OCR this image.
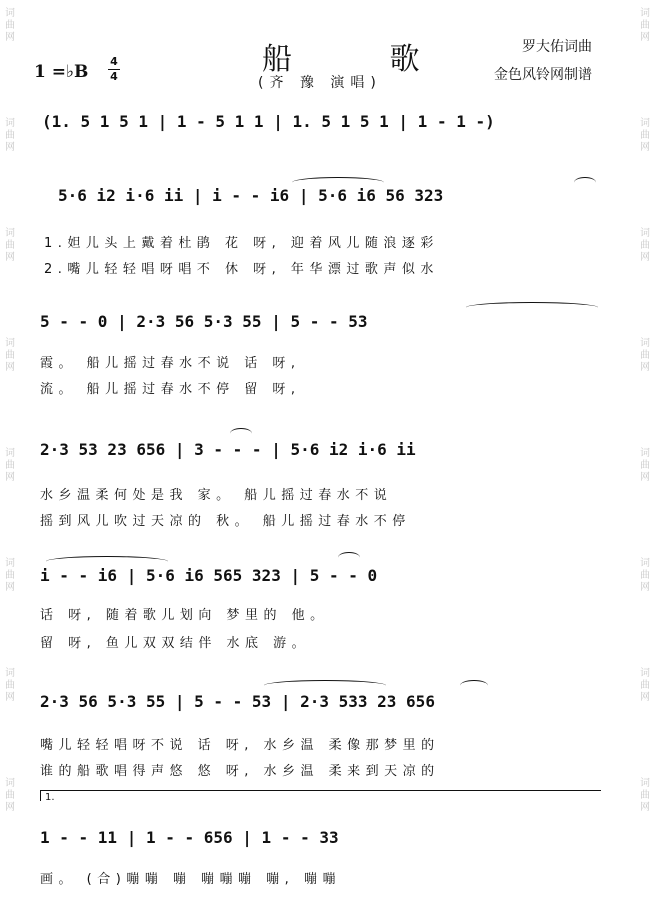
词曲网
词曲网
词曲网
词曲网
词曲网
词曲网
词曲网
词曲网
词曲网
词曲网
词曲网
词曲网
词曲网
词曲网
词曲网
词曲网
船 歌
(齐 豫 演唱)
罗大佑词曲
金色风铃网制谱
1 =♭B
4
4
(1. 5 1 5 1 | 1 - 5 1 1 | 1. 5 1 5 1 | 1 - 1 -)
5·6 i2 i·6 ii | i - - i6 | 5·6 i6 56 323
1.妲儿头上戴着杜鹃 花 呀, 迎着风儿随浪逐彩
2.嘴儿轻轻唱呀唱不 休 呀, 年华漂过歌声似水
5 - - 0 | 2·3 56 5·3 55 | 5 - - 53
霞。 船儿摇过春水不说 话 呀,
流。 船儿摇过春水不停 留 呀,
2·3 53 23 656 | 3 - - - | 5·6 i2 i·6 ii
水乡温柔何处是我 家。 船儿摇过春水不说
摇到风儿吹过天凉的 秋。 船儿摇过春水不停
i - - i6 | 5·6 i6 565 323 | 5 - - 0
话 呀, 随着歌儿划向 梦里的 他。
留 呀, 鱼儿双双结伴 水底 游。
2·3 56 5·3 55 | 5 - - 53 | 2·3 533 23 656
嘴儿轻轻唱呀不说 话 呀, 水乡温 柔像那梦里的
谁的船歌唱得声悠 悠 呀, 水乡温 柔来到天凉的
1.
1 - - 11 | 1 - - 656 | 1 - - 33
画。 (合)嘣嘣 嘣 嘣嘣嘣 嘣, 嘣嘣
